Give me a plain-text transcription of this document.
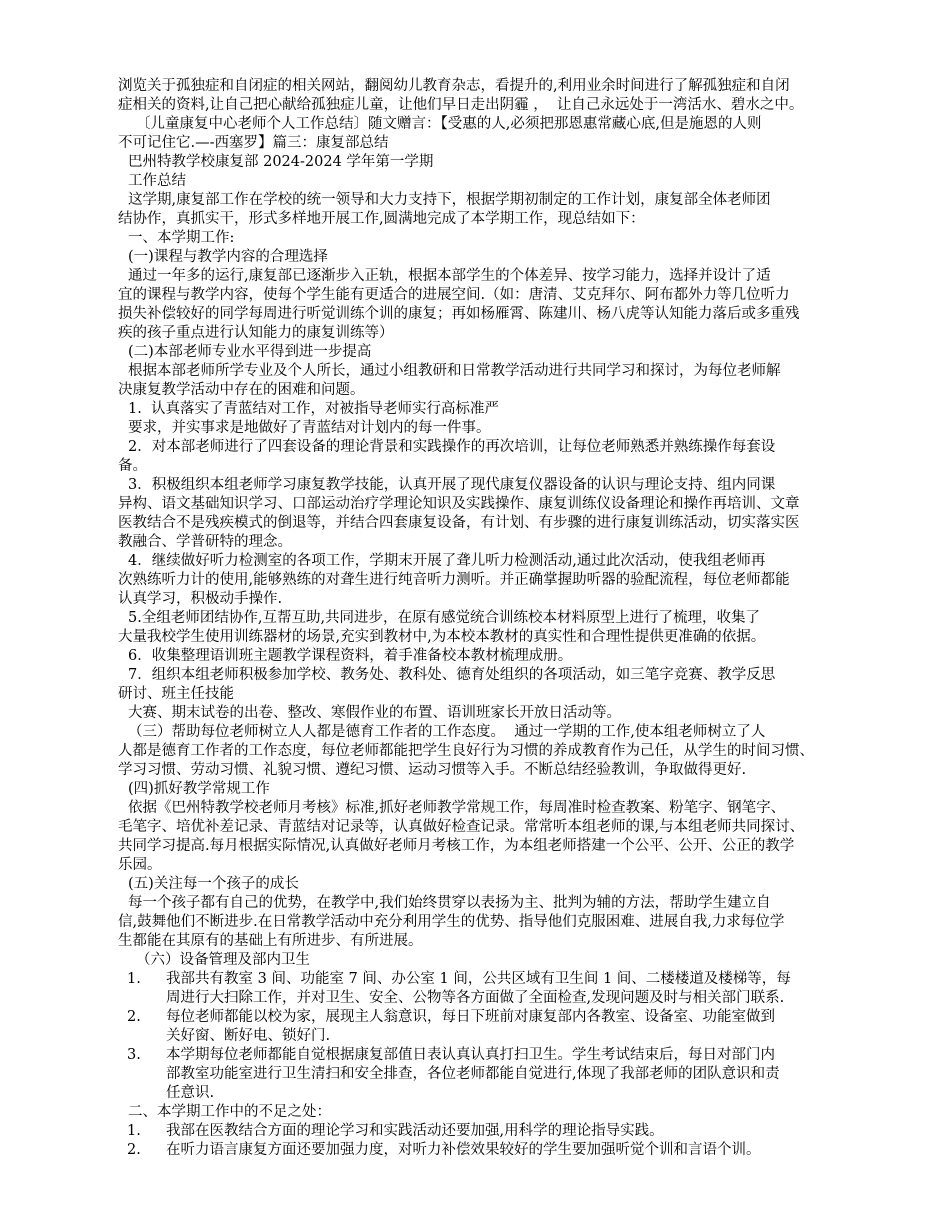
浏览关于孤独症和自闭症的相关网站，翻阅幼儿教育杂志，看提升的,利用业余时间进行了解孤独症和自闭
症相关的资料,让自己把心献给孤独症儿童，让他们早日走出阴霾 ，  让自己永远处于一湾活水、碧水之中。
〔儿童康复中心老师个人工作总结〕随文赠言：【受惠的人,必须把那恩惠常藏心底,但是施恩的人则
不可记住它.—-西塞罗】篇三：康复部总结
巴州特教学校康复部 2024-2024 学年第一学期
工作总结
这学期,康复部工作在学校的统一领导和大力支持下，根据学期初制定的工作计划，康复部全体老师团
结协作，真抓实干，形式多样地开展工作,圆满地完成了本学期工作，现总结如下：
一、本学期工作:
(一)课程与教学内容的合理选择
通过一年多的运行,康复部已逐渐步入正轨，根据本部学生的个体差异、按学习能力，选择并设计了适
宜的课程与教学内容，使每个学生能有更适合的进展空间.（如：唐清、艾克拜尔、阿布都外力等几位听力
损失补偿较好的同学每周进行听觉训练个训的康复；再如杨雁霄、陈建川、杨八虎等认知能力落后或多重残
疾的孩子重点进行认知能力的康复训练等）
(二)本部老师专业水平得到进一步提高
根据本部老师所学专业及个人所长，通过小组教研和日常教学活动进行共同学习和探讨，为每位老师解
决康复教学活动中存在的困难和问题。
1.  认真落实了青蓝结对工作，对被指导老师实行高标准严
要求，并实事求是地做好了青蓝结对计划内的每一件事。
2．对本部老师进行了四套设备的理论背景和实践操作的再次培训，让每位老师熟悉并熟练操作每套设
备。
3．积极组织本组老师学习康复教学技能，认真开展了现代康复仪器设备的认识与理论支持、组内同课
异构、语文基础知识学习、口部运动治疗学理论知识及实践操作、康复训练仪设备理论和操作再培训、文章
医教结合不是残疾模式的倒退等，并结合四套康复设备，有计划、有步骤的进行康复训练活动，切实落实医
教融合、学普研特的理念。
4．继续做好听力检测室的各项工作，学期末开展了聋儿听力检测活动,通过此次活动，使我组老师再
次熟练听力计的使用,能够熟练的对聋生进行纯音听力测听。并正确掌握助听器的验配流程，每位老师都能
认真学习，积极动手操作.
5.全组老师团结协作,互帮互助,共同进步，在原有感觉统合训练校本材料原型上进行了梳理，收集了
大量我校学生使用训练器材的场景,充实到教材中,为本校本教材的真实性和合理性提供更准确的依据。
6．收集整理语训班主题教学课程资料，着手准备校本教材梳理成册。
7．组织本组老师积极参加学校、教务处、教科处、德育处组织的各项活动，如三笔字竞赛、教学反思
研讨、班主任技能
大赛、期末试卷的出卷、整改、寒假作业的布置、语训班家长开放日活动等。
（三）帮助每位老师树立人人都是德育工作者的工作态度。  通过一学期的工作,使本组老师树立了人
人都是德育工作者的工作态度，每位老师都能把学生良好行为习惯的养成教育作为己任，从学生的时间习惯、
学习习惯、劳动习惯、礼貌习惯、遵纪习惯、运动习惯等入手。不断总结经验教训，争取做得更好.
(四)抓好教学常规工作
依据《巴州特教学校老师月考核》标准,抓好老师教学常规工作，每周准时检查教案、粉笔字、钢笔字、
毛笔字、培优补差记录、青蓝结对记录等，认真做好检查记录。常常听本组老师的课,与本组老师共同探讨、
共同学习提高.每月根据实际情况,认真做好老师月考核工作，为本组老师搭建一个公平、公开、公正的教学
乐园。
(五)关注每一个孩子的成长
每一个孩子都有自己的优势，在教学中,我们始终贯穿以表扬为主、批判为辅的方法，帮助学生建立自
信,鼓舞他们不断进步.在日常教学活动中充分利用学生的优势、指导他们克服困难、进展自我,力求每位学
生都能在其原有的基础上有所进步、有所进展。
（六）设备管理及部内卫生
1. 我部共有教室 3 间、功能室 7 间、办公室 1 间，公共区域有卫生间 1 间、二楼楼道及楼梯等，每
周进行大扫除工作，并对卫生、安全、公物等各方面做了全面检查,发现问题及时与相关部门联系.
2. 每位老师都能以校为家，展现主人翁意识，每日下班前对康复部内各教室、设备室、功能室做到
关好窗、断好电、锁好门.
3. 本学期每位老师都能自觉根据康复部值日表认真认真打扫卫生。学生考试结束后，每日对部门内
部教室功能室进行卫生清扫和安全排查，各位老师都能自觉进行,体现了我部老师的团队意识和责
任意识.
二、本学期工作中的不足之处：
1. 我部在医教结合方面的理论学习和实践活动还要加强,用科学的理论指导实践。
2. 在听力语言康复方面还要加强力度，对听力补偿效果较好的学生要加强听觉个训和言语个训。
